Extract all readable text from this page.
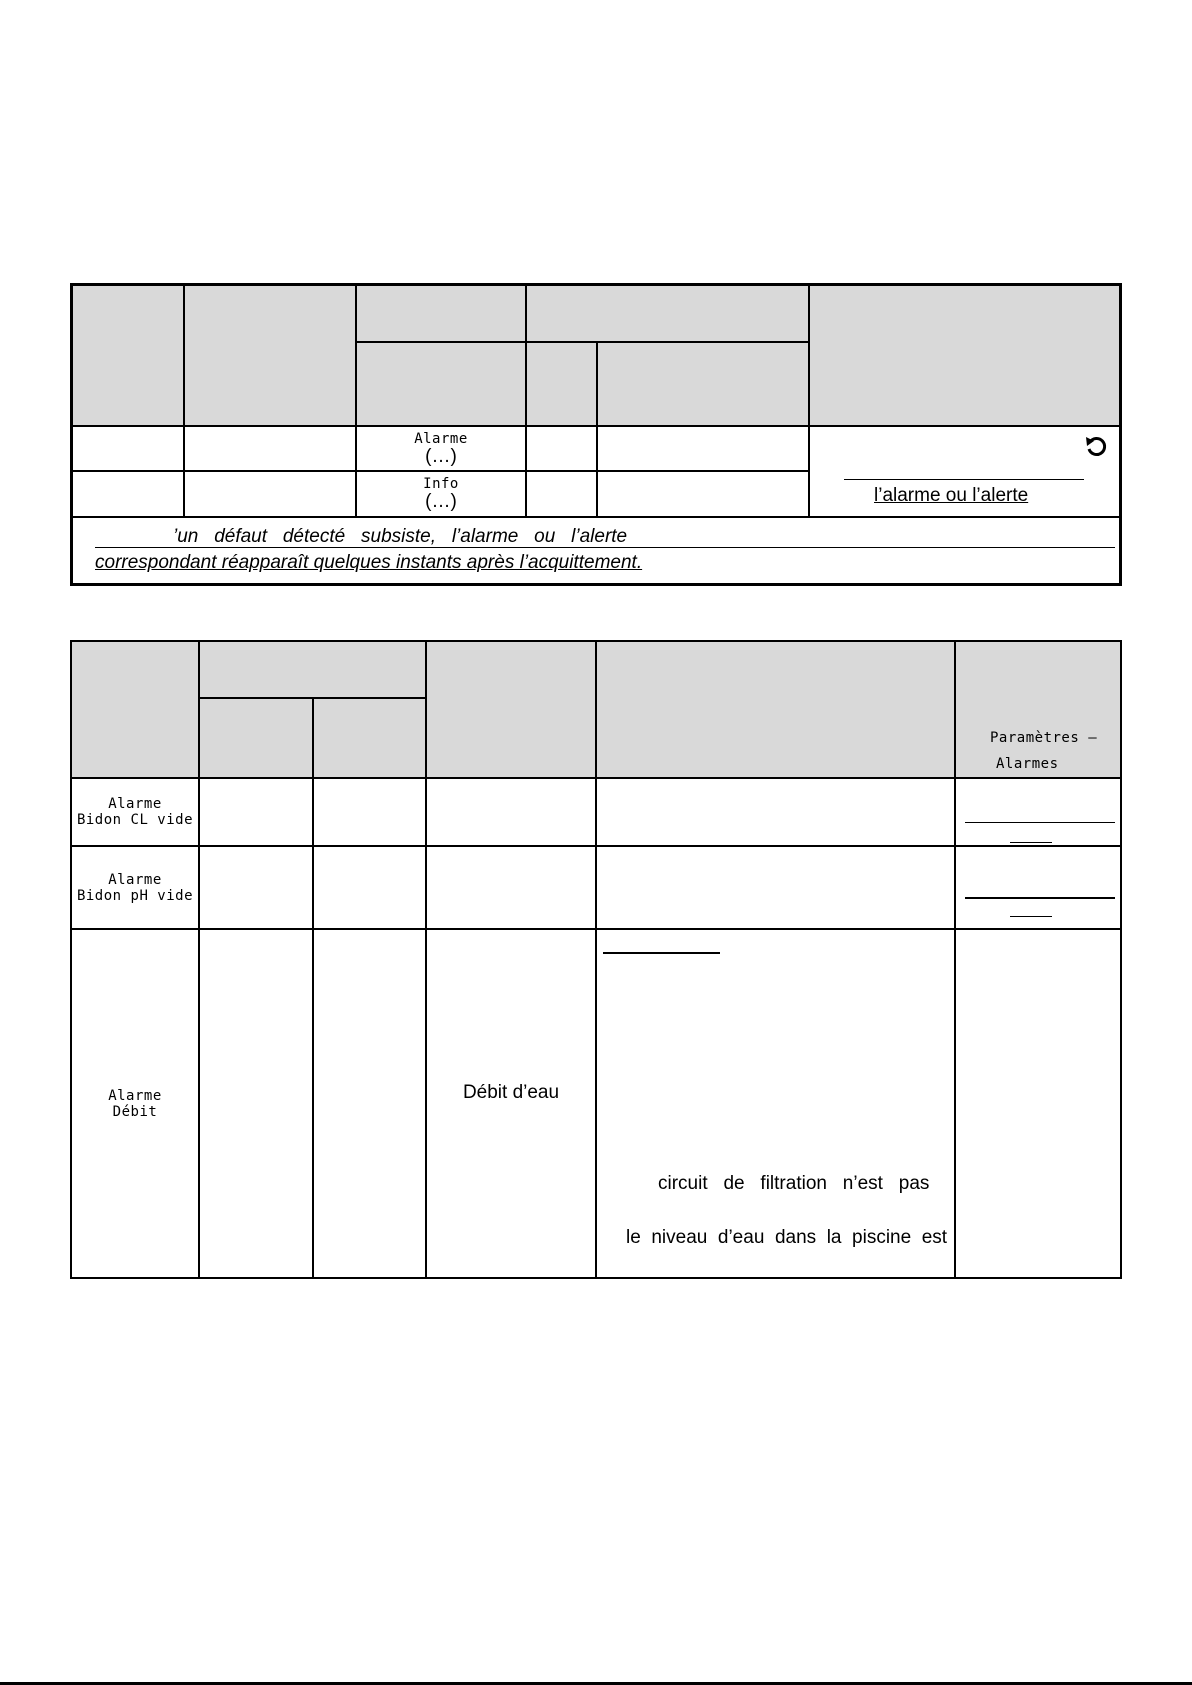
Alarme
(…)
Info
(…)	l’alarme ou l’alerte
’un   défaut   détecté   subsiste,   l’alarme   ou   l’alerte
correspondant réapparaît quelques instants après l’acquittement.
Paramètres –
Alarmes
Alarme
Bidon CL vide
Alarme
Bidon pH vide
Alarme
Débit
Débit d’eau
circuit   de   filtration   n’est   pas
le  niveau  d’eau  dans  la  piscine  est
